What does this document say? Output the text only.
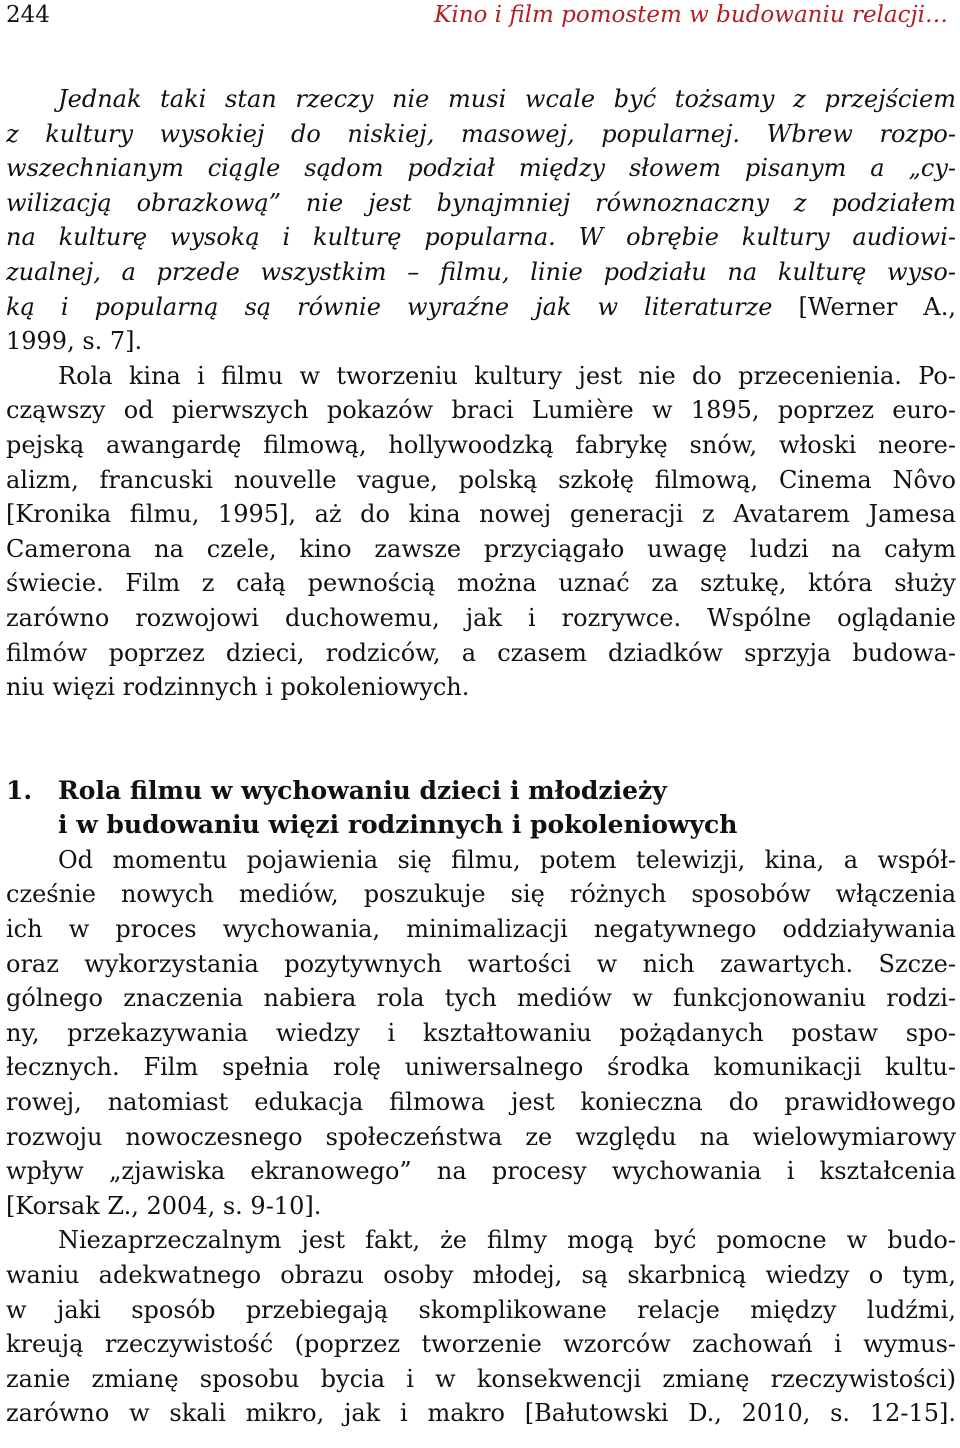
244	Kino i film pomostem w budowaniu relacji…
Jednak taki stan rzeczy nie musi wcale być tożsamy z przejściem
z kultury wysokiej do niskiej, masowej, popularnej. Wbrew rozpo-
wszechnianym ciągle sądom podział między słowem pisanym a „cy-
wilizacją obrazkową” nie jest bynajmniej równoznaczny z podziałem
na kulturę wysoką i kulturę popularna. W obrębie kultury audiowi-
zualnej, a przede wszystkim – filmu, linie podziału na kulturę wyso-
ką i popularną są równie wyraźne jak w literaturze [Werner A.,
1999, s. 7].
Rola kina i filmu w tworzeniu kultury jest nie do przecenienia. Po-
cząwszy od pierwszych pokazów braci Lumière w 1895, poprzez euro-
pejską awangardę filmową, hollywoodzką fabrykę snów, włoski neore-
alizm, francuski nouvelle vague, polską szkołę filmową, Cinema Nôvo
[Kronika filmu, 1995], aż do kina nowej generacji z Avatarem Jamesa
Camerona na czele, kino zawsze przyciągało uwagę ludzi na całym
świecie. Film z całą pewnością można uznać za sztukę, która służy
zarówno rozwojowi duchowemu, jak i rozrywce. Wspólne oglądanie
filmów poprzez dzieci, rodziców, a czasem dziadków sprzyja budowa-
niu więzi rodzinnych i pokoleniowych.
1. Rola filmu w wychowaniu dzieci i młodzieży
i w budowaniu więzi rodzinnych i pokoleniowych
Od momentu pojawienia się filmu, potem telewizji, kina, a współ-
cześnie nowych mediów, poszukuje się różnych sposobów włączenia
ich w proces wychowania, minimalizacji negatywnego oddziaływania
oraz wykorzystania pozytywnych wartości w nich zawartych. Szcze-
gólnego znaczenia nabiera rola tych mediów w funkcjonowaniu rodzi-
ny, przekazywania wiedzy i kształtowaniu pożądanych postaw spo-
łecznych. Film spełnia rolę uniwersalnego środka komunikacji kultu-
rowej, natomiast edukacja filmowa jest konieczna do prawidłowego
rozwoju nowoczesnego społeczeństwa ze względu na wielowymiarowy
wpływ „zjawiska ekranowego” na procesy wychowania i kształcenia
[Korsak Z., 2004, s. 9-10].
Niezaprzeczalnym jest fakt, że filmy mogą być pomocne w budo-
waniu adekwatnego obrazu osoby młodej, są skarbnicą wiedzy o tym,
w jaki sposób przebiegają skomplikowane relacje między ludźmi,
kreują rzeczywistość (poprzez tworzenie wzorców zachowań i wymus-
zanie zmianę sposobu bycia i w konsekwencji zmianę rzeczywistości)
zarówno w skali mikro, jak i makro [Bałutowski D., 2010, s. 12-15].
